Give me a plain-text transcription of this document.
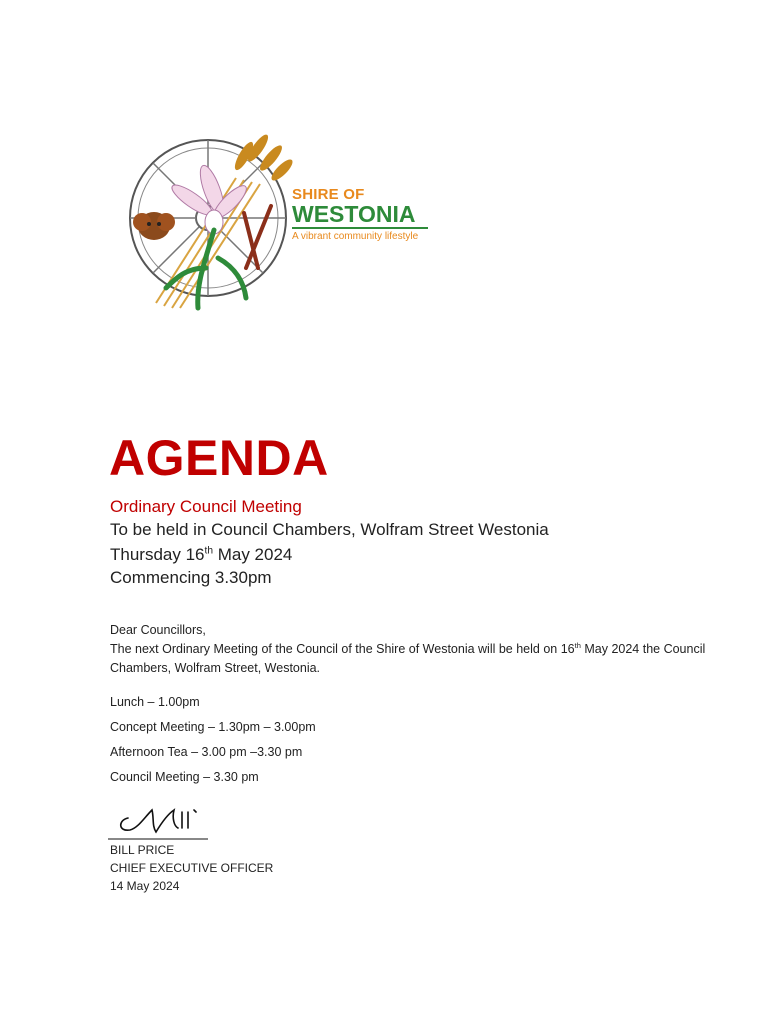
SHIRE OF
WESTONIA
A vibrant community lifestyle
AGENDA
Ordinary Council Meeting
To be held in Council Chambers, Wolfram Street Westonia
Thursday 16th May 2024
Commencing 3.30pm
Dear Councillors,
The next Ordinary Meeting of the Council of the Shire of Westonia will be held on 16th May 2024 the Council Chambers, Wolfram Street, Westonia.
Lunch – 1.00pm
Concept Meeting – 1.30pm – 3.00pm
Afternoon Tea – 3.00 pm –3.30 pm
Council Meeting – 3.30 pm
BILL PRICE
CHIEF EXECUTIVE OFFICER
14 May 2024
